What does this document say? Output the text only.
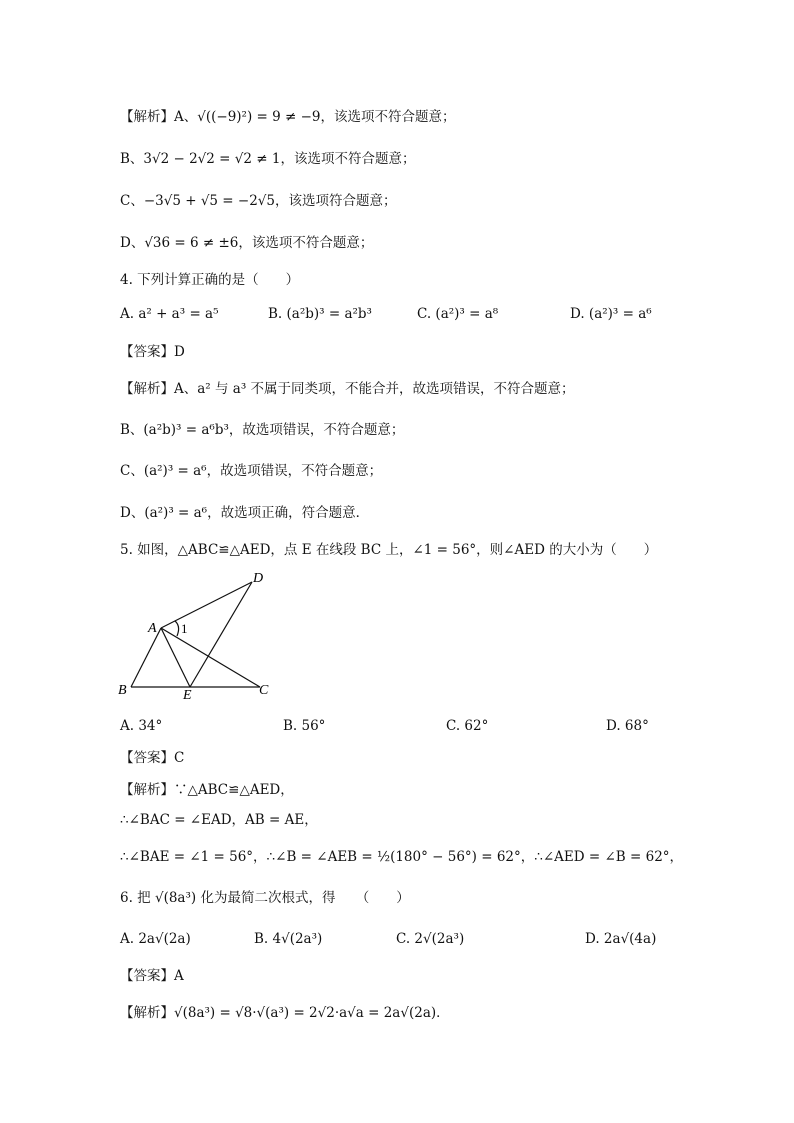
【解析】A、√((−9)²) = 9 ≠ −9，该选项不符合题意；
B、3√2 − 2√2 = √2 ≠ 1，该选项不符合题意；
C、−3√5 + √5 = −2√5，该选项符合题意；
D、√36 = 6 ≠ ±6，该选项不符合题意；
4. 下列计算正确的是（　　）
A. a² + a³ = a⁵	B. (a²b)³ = a²b³	C. (a²)³ = a⁸	D. (a²)³ = a⁶
【答案】D
【解析】A、a² 与 a³ 不属于同类项，不能合并，故选项错误，不符合题意；
B、(a²b)³ = a⁶b³，故选项错误，不符合题意；
C、(a²)³ = a⁶，故选项错误，不符合题意；
D、(a²)³ = a⁶，故选项正确，符合题意．
5. 如图，△ABC≌△AED，点 E 在线段 BC 上，∠1 = 56°，则∠AED 的大小为（　　）
A
B	C
D
E
1
A. 34°	B. 56°	C. 62°	D. 68°
【答案】C
【解析】∵△ABC≌△AED，
∴∠BAC = ∠EAD，AB = AE，
∴∠BAE = ∠1 = 56°，∴∠B = ∠AEB = ½(180° − 56°) = 62°，∴∠AED = ∠B = 62°，
6. 把 √(8a³) 化为最简二次根式，得　　（　　）
A. 2a√(2a)	B. 4√(2a³)	C. 2√(2a³)	D. 2a√(4a)
【答案】A
【解析】√(8a³) = √8·√(a³) = 2√2·a√a = 2a√(2a)．
